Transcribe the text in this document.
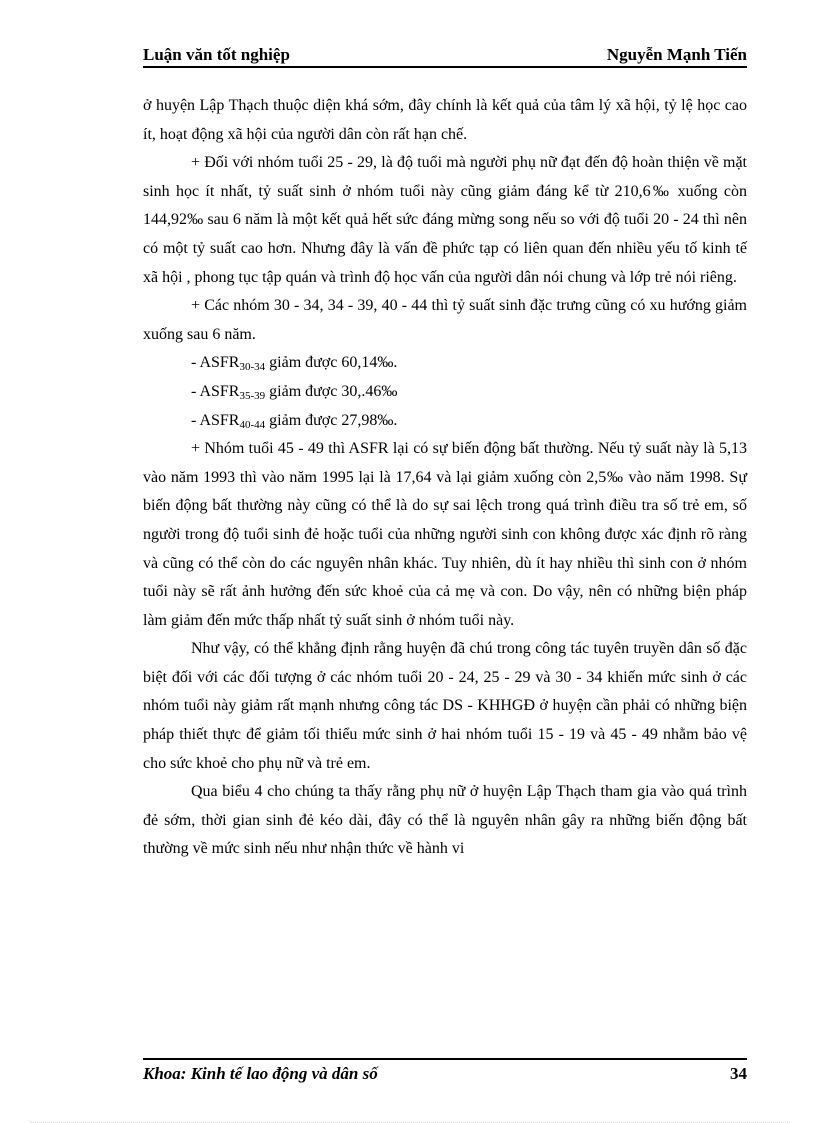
Luận văn tốt nghiệp	Nguyễn Mạnh Tiến

ở huyện Lập Thạch thuộc diện khá sớm, đây chính là kết quả của tâm lý xã hội, tỷ lệ học cao ít, hoạt động xã hội của người dân còn rất hạn chế.

+ Đối với nhóm tuổi 25 - 29, là độ tuổi mà người phụ nữ đạt đến độ hoàn thiện về mặt sinh học ít nhất, tỷ suất sinh ở nhóm tuổi này cũng giảm đáng kể từ 210,6‰ xuống còn 144,92‰ sau 6 năm là một kết quả hết sức đáng mừng song nếu so với độ tuổi 20 - 24 thì nên có một tỷ suất cao hơn. Nhưng đây là vấn đề phức tạp có liên quan đến nhiều yếu tố kinh tế xã hội , phong tục tập quán và trình độ học vấn của người dân nói chung và lớp trẻ nói riêng.

+ Các nhóm 30 - 34, 34 - 39, 40 - 44 thì tỷ suất sinh đặc trưng cũng có xu hướng giảm xuống sau 6 năm.

- $ASFR_{30-34}$ giảm được 60,14‰.

- $ASFR_{35-39}$ giảm được 30,.46‰

- $ASFR_{40-44}$ giảm được 27,98‰.

+ Nhóm tuổi 45 - 49 thì ASFR lại có sự biến động bất thường. Nếu tỷ suất này là 5,13 vào năm 1993 thì vào năm 1995 lại là 17,64 và lại giảm xuống còn 2,5‰ vào năm 1998. Sự biến động bất thường này cũng có thể là do sự sai lệch trong quá trình điều tra số trẻ em, số người trong độ tuổi sinh đẻ hoặc tuổi của những người sinh con không được xác định rõ ràng và cũng có thể còn do các nguyên nhân khác. Tuy nhiên, dù ít hay nhiều thì sinh con ở nhóm tuổi này sẽ rất ảnh hưởng đến sức khoẻ của cả mẹ và con. Do vậy, nên có những biện pháp làm giảm đến mức thấp nhất tỷ suất sinh ở nhóm tuổi này.

Như vậy, có thể khẳng định rằng huyện đã chú trong công tác tuyên truyền dân số đặc biệt đối với các đối tượng ở các nhóm tuổi 20 - 24, 25 - 29 và 30 - 34 khiến mức sinh ở các nhóm tuổi này giảm rất mạnh nhưng công tác DS - KHHGĐ ở huyện cần phải có những biện pháp thiết thực để giảm tối thiểu mức sinh ở hai nhóm tuổi 15 - 19 và 45 - 49 nhằm bảo vệ cho sức khoẻ cho phụ nữ và trẻ em.

Qua biểu 4 cho chúng ta thấy rằng phụ nữ ở huyện Lập Thạch tham gia vào quá trình đẻ sớm, thời gian sinh đẻ kéo dài, đây có thể là nguyên nhân gây ra những biến động bất thường về mức sinh nếu như nhận thức về hành vi

Khoa: Kinh tế lao động và dân số	34
